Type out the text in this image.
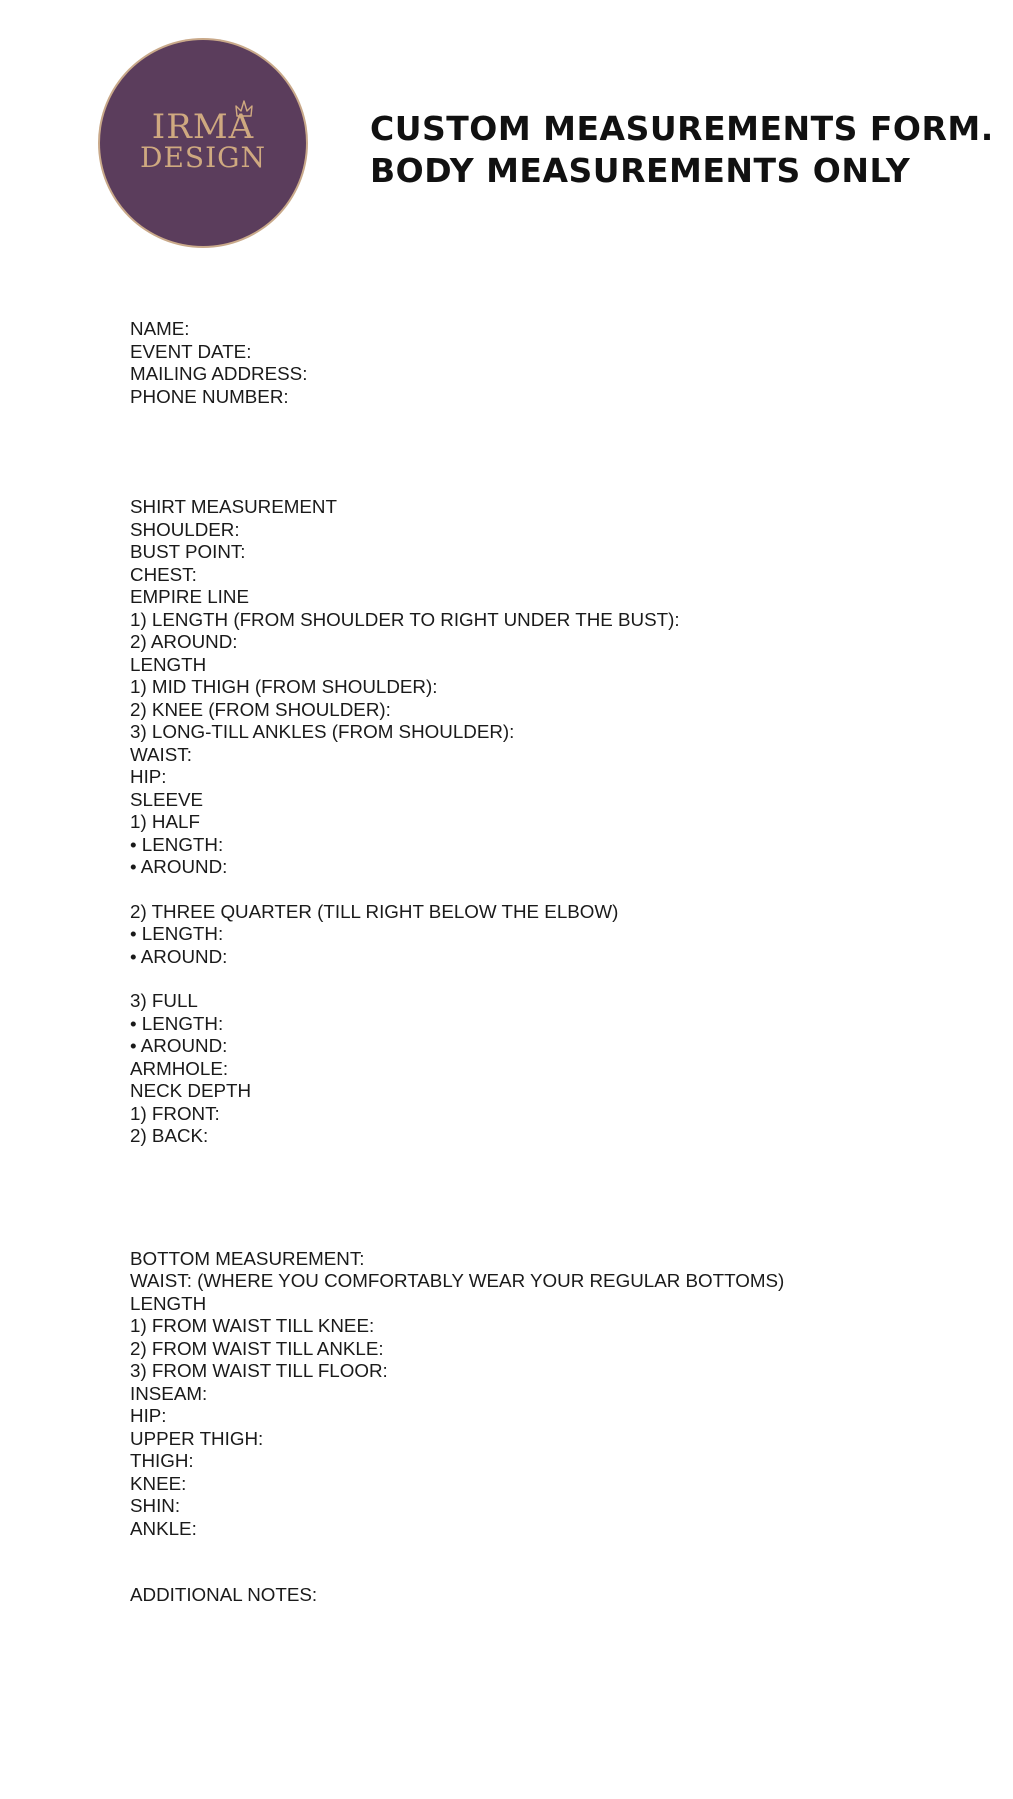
IRMA
DESIGN
CUSTOM MEASUREMENTS FORM.
BODY MEASUREMENTS ONLY
NAME:
EVENT DATE:
MAILING ADDRESS:
PHONE NUMBER:
SHIRT MEASUREMENT
SHOULDER:
BUST POINT:
CHEST:
EMPIRE LINE
1) LENGTH (FROM SHOULDER TO RIGHT UNDER THE BUST):
2) AROUND:
LENGTH
1) MID THIGH (FROM SHOULDER):
2) KNEE (FROM SHOULDER):
3) LONG-TILL ANKLES (FROM SHOULDER):
WAIST:
HIP:
SLEEVE
1) HALF
• LENGTH:
• AROUND:
2) THREE QUARTER (TILL RIGHT BELOW THE ELBOW)
• LENGTH:
• AROUND:
3) FULL
• LENGTH:
• AROUND:
ARMHOLE:
NECK DEPTH
1) FRONT:
2) BACK:
BOTTOM MEASUREMENT:
WAIST: (WHERE YOU COMFORTABLY WEAR YOUR REGULAR BOTTOMS)
LENGTH
1) FROM WAIST TILL KNEE:
2) FROM WAIST TILL ANKLE:
3) FROM WAIST TILL FLOOR:
INSEAM:
HIP:
UPPER THIGH:
THIGH:
KNEE:
SHIN:
ANKLE:
ADDITIONAL NOTES:
